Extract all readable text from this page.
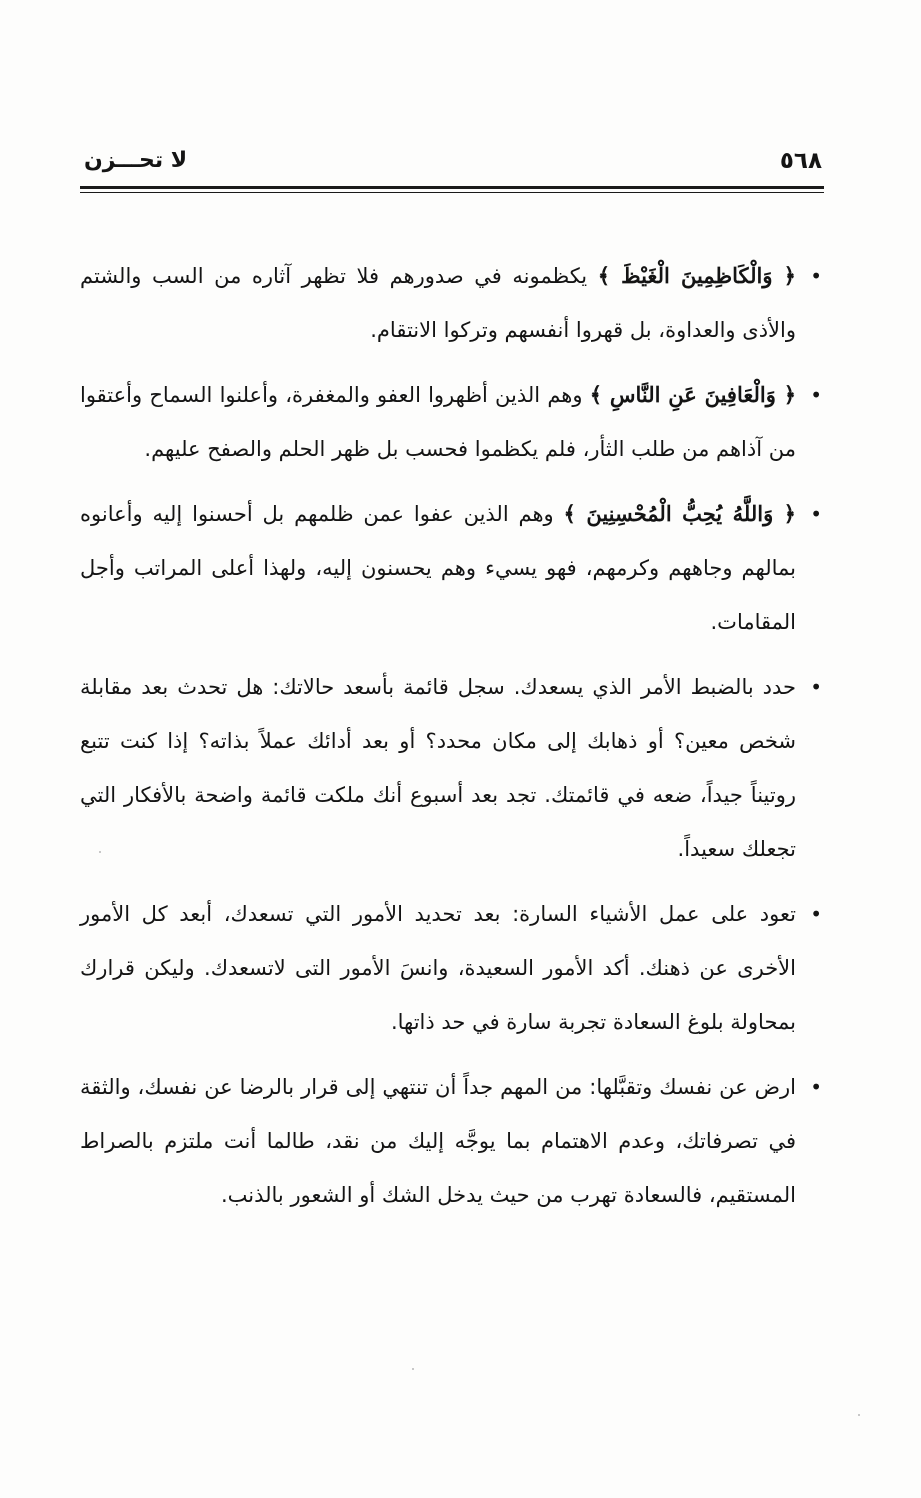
٥٦٨
لا تحـــزن

•
﴿ وَالْكَاظِمِينَ الْغَيْظَ ﴾ يكظمونه في صدورهم فلا تظهر آثاره من السب والشتم والأذى والعداوة، بل قهروا أنفسهم وتركوا الانتقام.

•
﴿ وَالْعَافِينَ عَنِ النَّاسِ ﴾ وهم الذين أظهروا العفو والمغفرة، وأعلنوا السماح وأعتقوا من آذاهم من طلب الثأر، فلم يكظموا فحسب بل ظهر الحلم والصفح عليهم.

•
﴿ وَاللَّهُ يُحِبُّ الْمُحْسِنِينَ ﴾ وهم الذين عفوا عمن ظلمهم بل أحسنوا إليه وأعانوه بمالهم وجاههم وكرمهم، فهو يسيء وهم يحسنون إليه، ولهذا أعلى المراتب وأجل المقامات.

•
حدد بالضبط الأمر الذي يسعدك. سجل قائمة بأسعد حالاتك: هل تحدث بعد مقابلة شخص معين؟ أو ذهابك إلى مكان محدد؟ أو بعد أدائك عملاً بذاته؟ إذا كنت تتبع روتيناً جيداً، ضعه في قائمتك. تجد بعد أسبوع أنك ملكت قائمة واضحة بالأفكار التي تجعلك سعيداً.

•
تعود على عمل الأشياء السارة: بعد تحديد الأمور التي تسعدك، أبعد كل الأمور الأخرى عن ذهنك. أكد الأمور السعيدة، وانسَ الأمور التى لاتسعدك. وليكن قرارك بمحاولة بلوغ السعادة تجربة سارة في حد ذاتها.

•
ارض عن نفسك وتقبَّلها: من المهم جداً أن تنتهي إلى قرار بالرضا عن نفسك، والثقة في تصرفاتك، وعدم الاهتمام بما يوجَّه إليك من نقد، طالما أنت ملتزم بالصراط المستقيم، فالسعادة تهرب من حيث يدخل الشك أو الشعور بالذنب.
